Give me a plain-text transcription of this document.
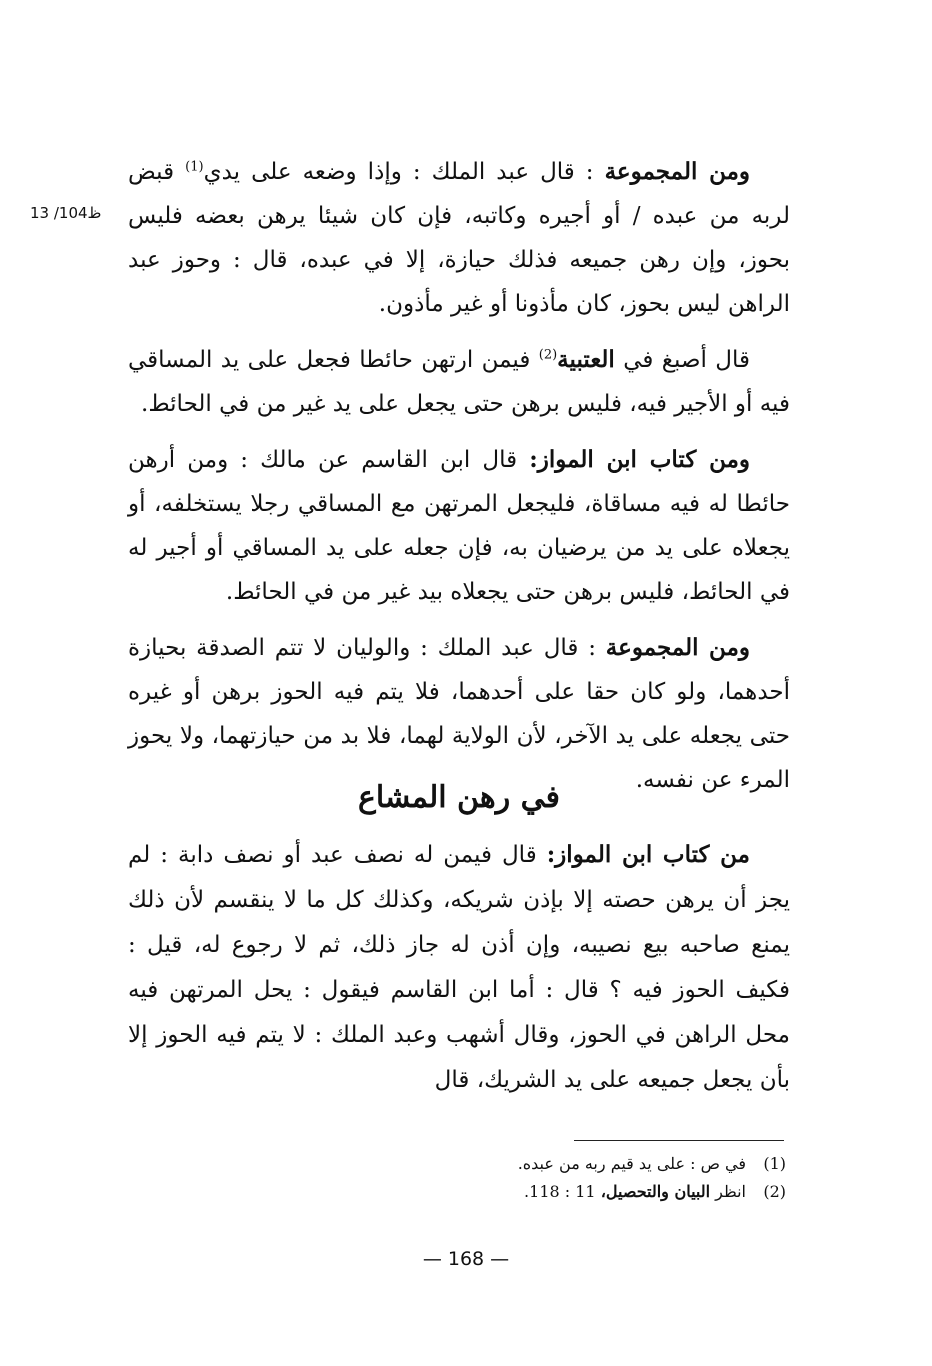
13 /104ظ

ومن المجموعة : قال عبد الملك : وإذا وضعه على يدي$^{(1)}$ قبض لربه من عبده / أو أجيره وكاتبه، فإن كان شيئا يرهن بعضه فليس بحوز، وإن رهن جميعه فذلك حيازة، إلا في عبده، قال : وحوز عبد الراهن ليس بحوز، كان مأذونا أو غير مأذون.

قال أصبغ في العتبية$^{(2)}$ فيمن ارتهن حائطا فجعل على يد المساقي فيه أو الأجير فيه، فليس برهن حتى يجعل على يد غير من في الحائط.

ومن كتاب ابن المواز: قال ابن القاسم عن مالك : ومن أرهن حائطا له فيه مساقاة، فليجعل المرتهن مع المساقي رجلا يستخلفه، أو يجعلاه على يد من يرضيان به، فإن جعله على يد المساقي أو أجير له في الحائط، فليس برهن حتى يجعلاه بيد غير من في الحائط.

ومن المجموعة : قال عبد الملك : والوليان لا تتم الصدقة بحيازة أحدهما، ولو كان حقا على أحدهما، فلا يتم فيه الحوز برهن أو غيره حتى يجعله على يد الآخر، لأن الولاية لهما، فلا بد من حيازتهما، ولا يحوز المرء عن نفسه.

في رهن المشاع

من كتاب ابن المواز: قال فيمن له نصف عبد أو نصف دابة : لم يجز أن يرهن حصته إلا بإذن شريكه، وكذلك كل ما لا ينقسم لأن ذلك يمنع صاحبه بيع نصيبه، وإن أذن له جاز ذلك، ثم لا رجوع له، قيل : فكيف الحوز فيه ؟ قال : أما ابن القاسم فيقول : يحل المرتهن فيه محل الراهن في الحوز، وقال أشهب وعبد الملك : لا يتم فيه الحوز إلا بأن يجعل جميعه على يد الشريك، قال

(1)
في ص : على يد قيم ربه من عبده.
(2)
انظر البيان والتحصيل، 11 : 118.
— 168 —
